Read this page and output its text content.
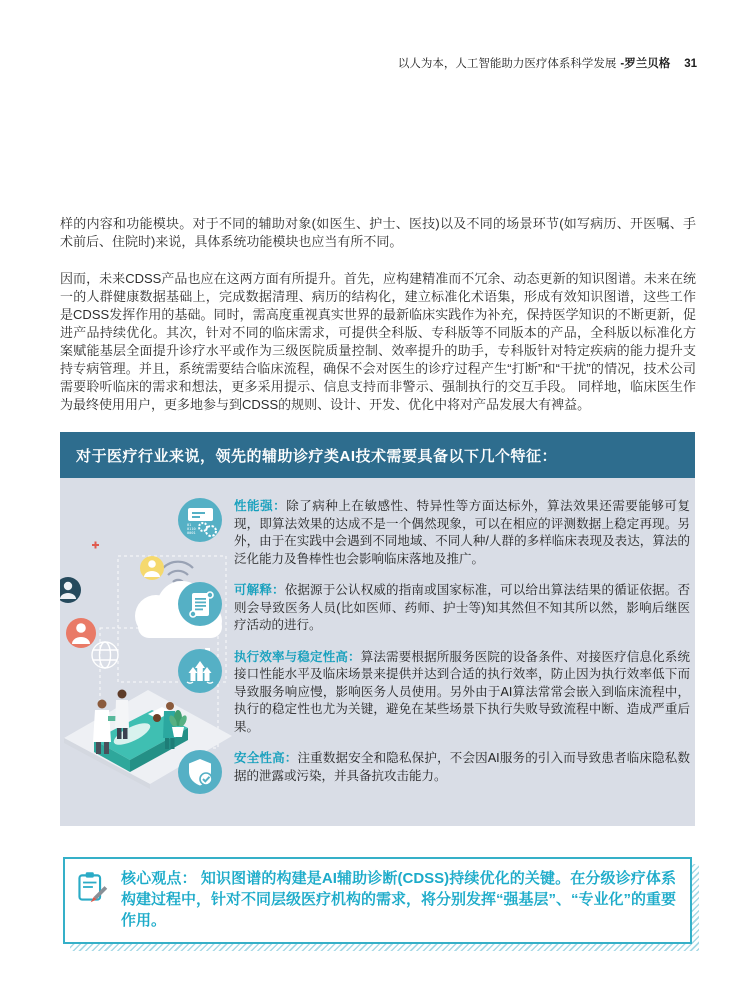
以人为本，人工智能助力医疗体系科学发展 -罗兰贝格 31

样的内容和功能模块。对于不同的辅助对象(如医生、护士、医技)以及不同的场景环节(如写病历、开医嘱、手术前后、住院时)来说，具体系统功能模块也应当有所不同。

因而，未来CDSS产品也应在这两方面有所提升。首先，应构建精准而不冗余、动态更新的知识图谱。未来在统一的人群健康数据基础上，完成数据清理、病历的结构化，建立标准化术语集，形成有效知识图谱，这些工作是CDSS发挥作用的基础。同时，需高度重视真实世界的最新临床实践作为补充，保持医学知识的不断更新，促进产品持续优化。其次，针对不同的临床需求，可提供全科版、专科版等不同版本的产品，全科版以标准化方案赋能基层全面提升诊疗水平或作为三级医院质量控制、效率提升的助手，专科版针对特定疾病的能力提升支持专病管理。并且，系统需要结合临床流程，确保不会对医生的诊疗过程产生“打断”和“干扰”的情况，技术公司需要聆听临床的需求和想法，更多采用提示、信息支持而非警示、强制执行的交互手段。 同样地，临床医生作为最终使用用户，更多地参与到CDSS的规则、设计、开发、优化中将对产品发展大有裨益。

对于医疗行业来说，领先的辅助诊疗类AI技术需要具备以下几个特征：
01
0110
0001
性能强：除了病种上在敏感性、特异性等方面达标外，算法效果还需要能够可复现，即算法效果的达成不是一个偶然现象，可以在相应的评测数据上稳定再现。另外，由于在实践中会遇到不同地域、不同人种/人群的多样临床表现及表达，算法的泛化能力及鲁棒性也会影响临床落地及推广。
可解释：依据源于公认权威的指南或国家标准，可以给出算法结果的循证依据。否则会导致医务人员(比如医师、药师、护士等)知其然但不知其所以然，影响后继医疗活动的进行。
执行效率与稳定性高：算法需要根据所服务医院的设备条件、对接医疗信息化系统接口性能水平及临床场景来提供并达到合适的执行效率，防止因为执行效率低下而导致服务响应慢，影响医务人员使用。另外由于AI算法常常会嵌入到临床流程中，执行的稳定性也尤为关键，避免在某些场景下执行失败导致流程中断、造成严重后果。
安全性高：注重数据安全和隐私保护，不会因AI服务的引入而导致患者临床隐私数据的泄露或污染，并具备抗攻击能力。
核心观点： 知识图谱的构建是AI辅助诊断(CDSS)持续优化的关键。在分级诊疗体系构建过程中，针对不同层级医疗机构的需求，将分别发挥“强基层”、“专业化”的重要作用。
